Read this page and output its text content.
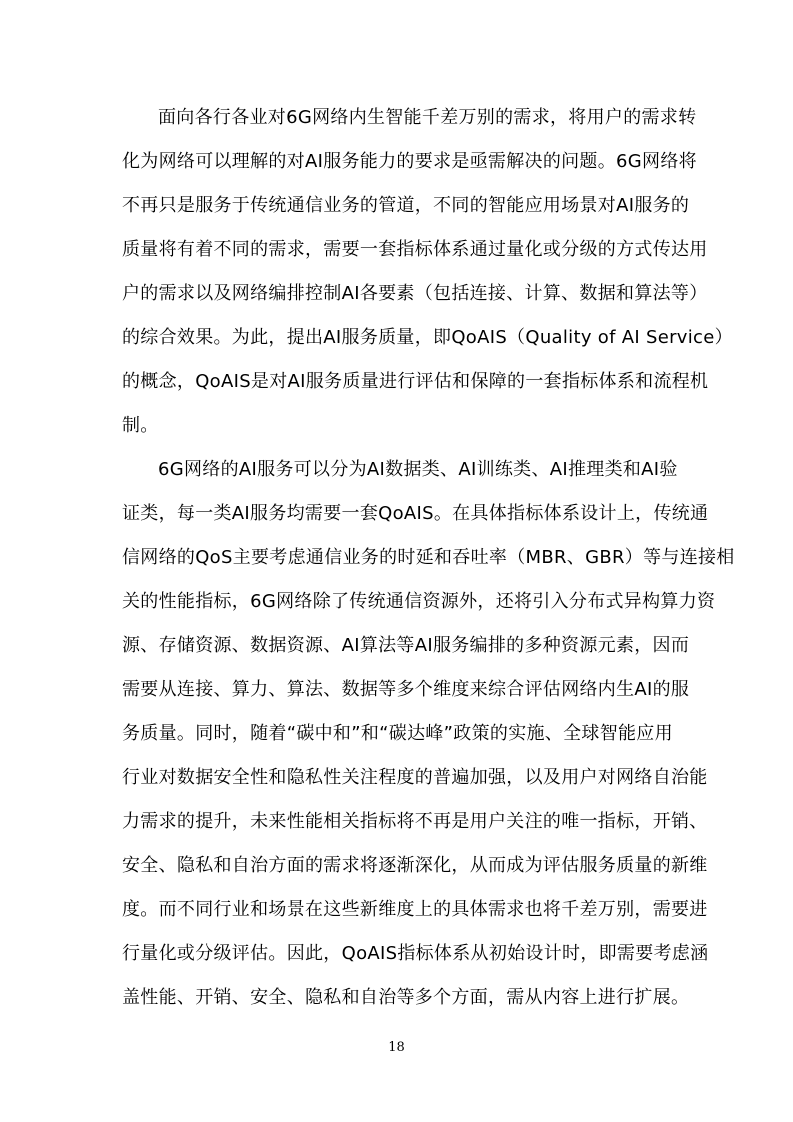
面向各行各业对6G网络内生智能千差万别的需求，将用户的需求转
化为网络可以理解的对AI服务能力的要求是亟需解决的问题。6G网络将
不再只是服务于传统通信业务的管道，不同的智能应用场景对AI服务的
质量将有着不同的需求，需要一套指标体系通过量化或分级的方式传达用
户的需求以及网络编排控制AI各要素（包括连接、计算、数据和算法等）
的综合效果。为此，提出AI服务质量，即QoAIS（Quality of AI Service）
的概念，QoAIS是对AI服务质量进行评估和保障的一套指标体系和流程机
制。
6G网络的AI服务可以分为AI数据类、AI训练类、AI推理类和AI验
证类，每一类AI服务均需要一套QoAIS。在具体指标体系设计上，传统通
信网络的QoS主要考虑通信业务的时延和吞吐率（MBR、GBR）等与连接相
关的性能指标，6G网络除了传统通信资源外，还将引入分布式异构算力资
源、存储资源、数据资源、AI算法等AI服务编排的多种资源元素，因而
需要从连接、算力、算法、数据等多个维度来综合评估网络内生AI的服
务质量。同时，随着“碳中和”和“碳达峰”政策的实施、全球智能应用
行业对数据安全性和隐私性关注程度的普遍加强，以及用户对网络自治能
力需求的提升，未来性能相关指标将不再是用户关注的唯一指标，开销、
安全、隐私和自治方面的需求将逐渐深化，从而成为评估服务质量的新维
度。而不同行业和场景在这些新维度上的具体需求也将千差万别，需要进
行量化或分级评估。因此，QoAIS指标体系从初始设计时，即需要考虑涵
盖性能、开销、安全、隐私和自治等多个方面，需从内容上进行扩展。
18
